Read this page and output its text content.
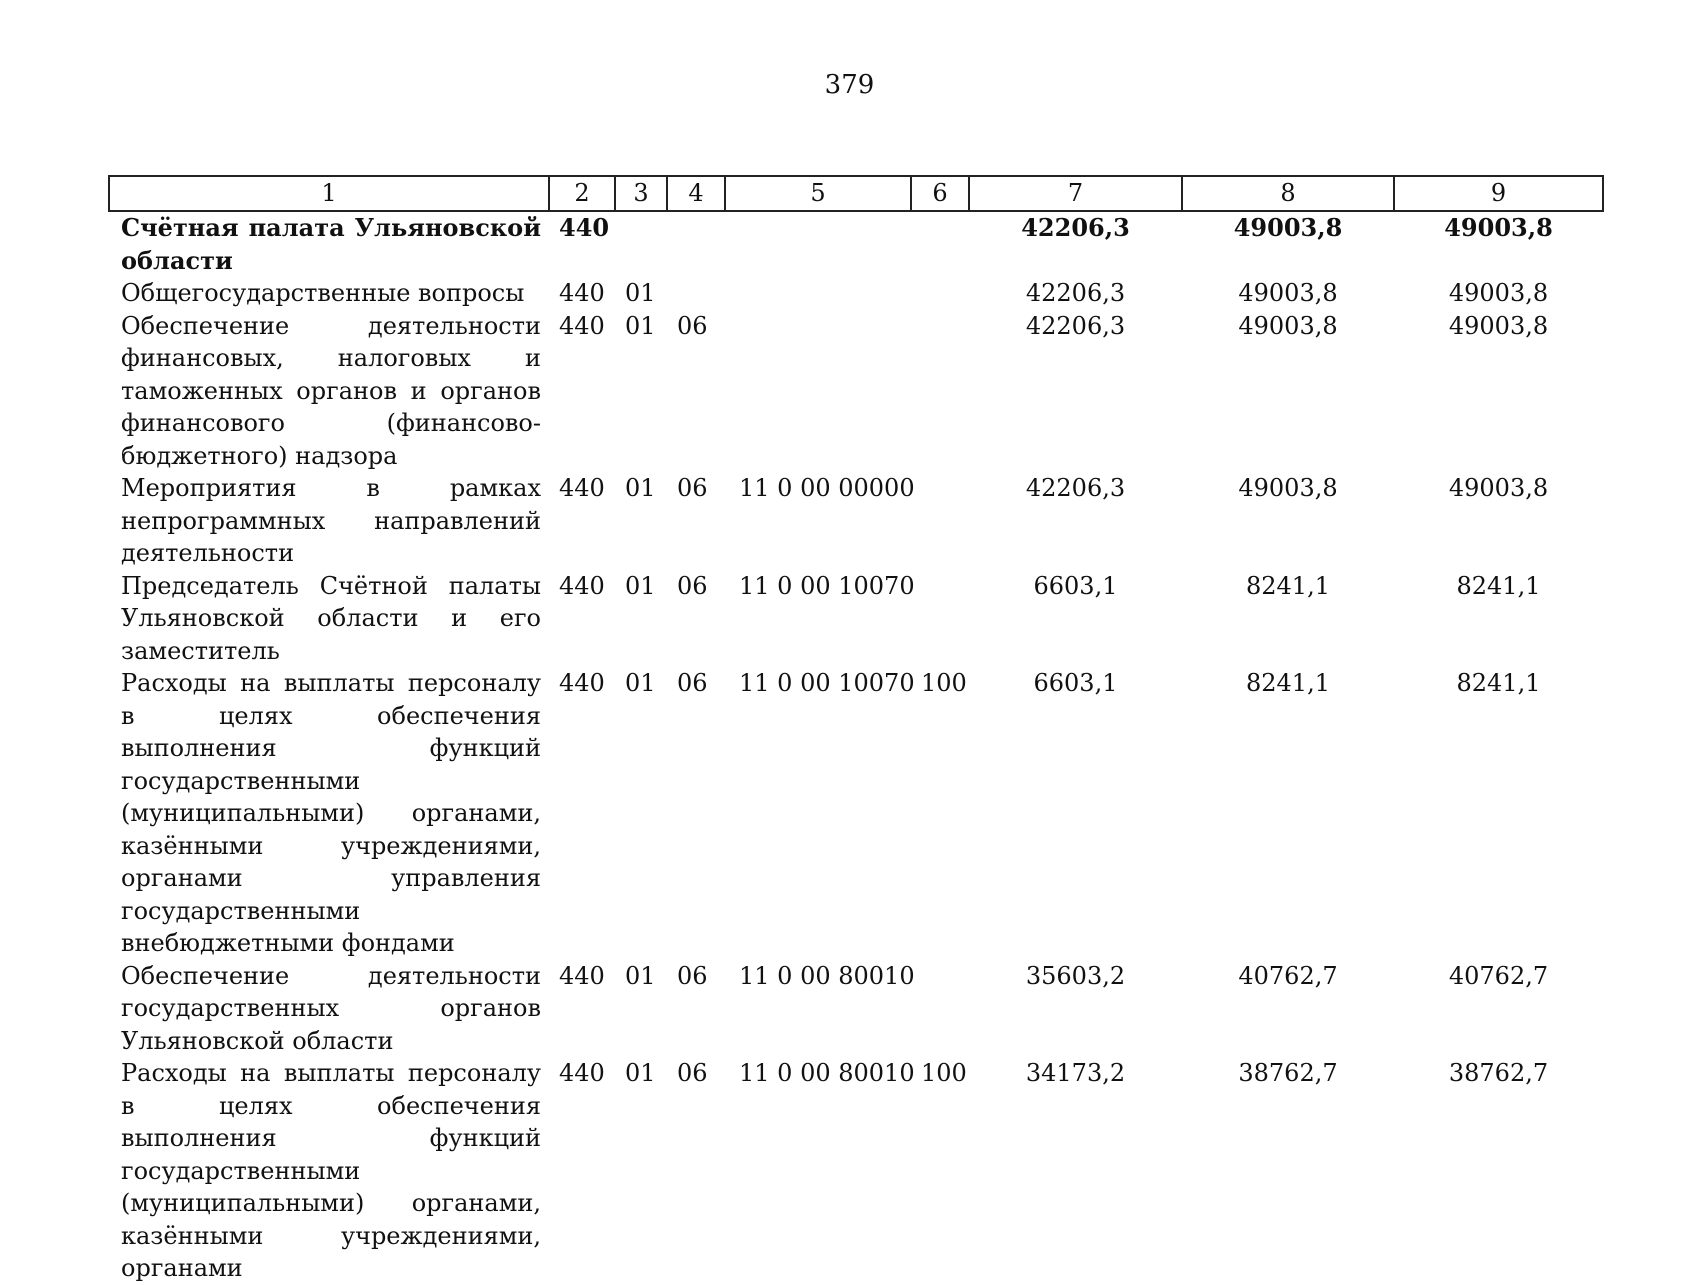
379
1	2	3	4	5	6	7	8	9
Счётная палата Ульяновской области	440					42206,3	49003,8	49003,8
Общегосударственные вопросы	440	01				42206,3	49003,8	49003,8
Обеспечение деятельности финансовых, налоговых и таможенных органов и органов финансового (финансово-бюджетного) надзора	440	01	06			42206,3	49003,8	49003,8
Мероприятия в рамках непрограммных направлений деятельности	440	01	06	11 0 00 00000		42206,3	49003,8	49003,8
Председатель Счётной палаты Ульяновской области и его заместитель	440	01	06	11 0 00 10070		6603,1	8241,1	8241,1
Расходы на выплаты персоналу в целях обеспечения выполнения функций государственными (муниципальными) органами, казёнными учреждениями, органами управления государственными внебюджетными фондами	440	01	06	11 0 00 10070	100	6603,1	8241,1	8241,1
Обеспечение деятельности государственных органов Ульяновской области	440	01	06	11 0 00 80010		35603,2	40762,7	40762,7
Расходы на выплаты персоналу в целях обеспечения выполнения функций государственными (муниципальными) органами, казёнными учреждениями, органами	440	01	06	11 0 00 80010	100	34173,2	38762,7	38762,7
